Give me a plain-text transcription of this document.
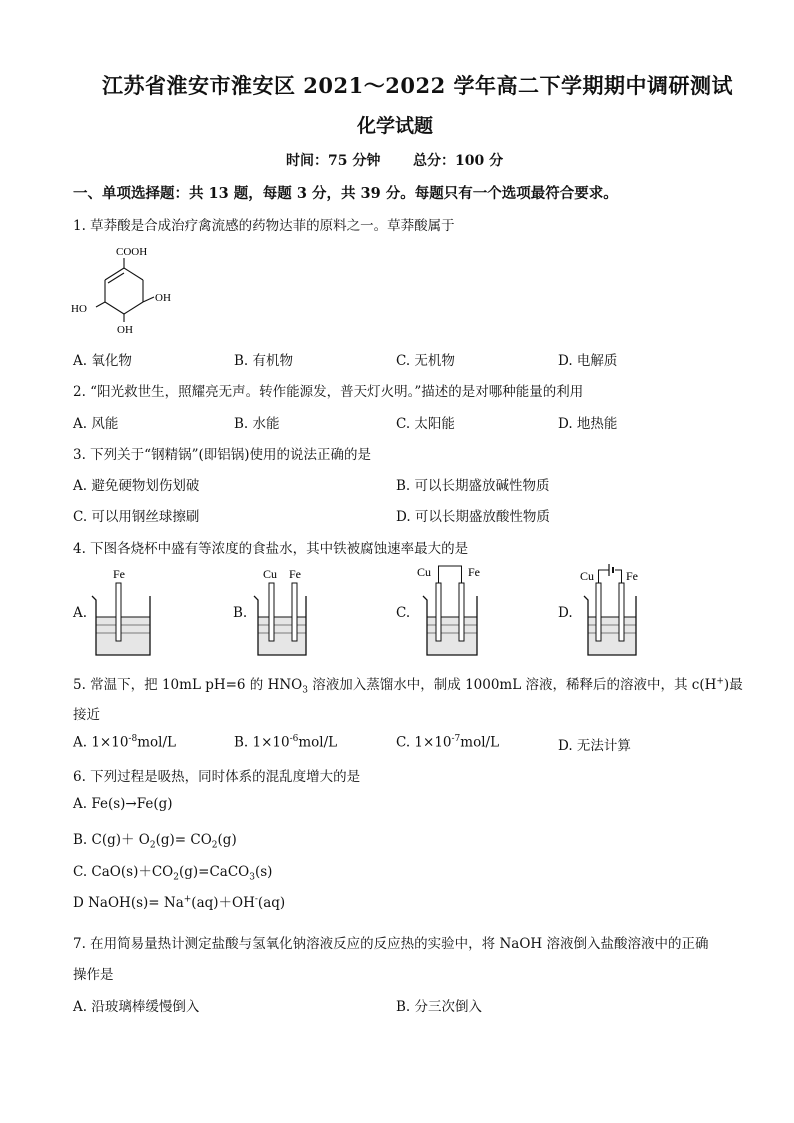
江苏省淮安市淮安区 2021～2022 学年高二下学期期中调研测试
化学试题
时间：75 分钟 总分：100 分
一、单项选择题：共 13 题，每题 3 分，共 39 分。每题只有一个选项最符合要求。
1. 草莽酸是合成治疗禽流感的药物达菲的原料之一。草莽酸属于
COOH
OH
HO
OH
A. 氧化物	B. 有机物	C. 无机物	D. 电解质
2. “阳光救世生，照耀亮无声。转作能源发，普天灯火明。”描述的是对哪种能量的利用
A. 风能	B. 水能	C. 太阳能	D. 地热能
3. 下列关于“钢精锅”(即铝锅)使用的说法正确的是
A. 避免硬物划伤划破	B. 可以长期盛放碱性物质
C. 可以用钢丝球擦刷	D. 可以长期盛放酸性物质
4. 下图各烧杯中盛有等浓度的食盐水，其中铁被腐蚀速率最大的是
A.
Fe
B.
Cu Fe
C.
Cu	Fe
D.
Cu	Fe
5. 常温下，把 10mL pH=6 的 $HNO_3$ 溶液加入蒸馏水中，制成 1000mL 溶液，稀释后的溶液中，其 c(H+)最
接近
A. $1\times 10^{-8}mol/L$	B. $1\times 10^{-6}mol/L$	C. $1\times 10^{-7}mol/L$	D. 无法计算
6. 下列过程是吸热，同时体系的混乱度增大的是
A. Fe(s)→Fe(g)
B. $C(g)+ O_2(g)= CO_2(g)$
C. $CaO(s)+CO_2(g)=CaCO_3(s)$
D NaOH(s)= Na+(aq)＋OH-(aq)
7. 在用简易量热计测定盐酸与氢氧化钠溶液反应的反应热的实验中，将 NaOH 溶液倒入盐酸溶液中的正确
操作是
A. 沿玻璃棒缓慢倒入	B. 分三次倒入
